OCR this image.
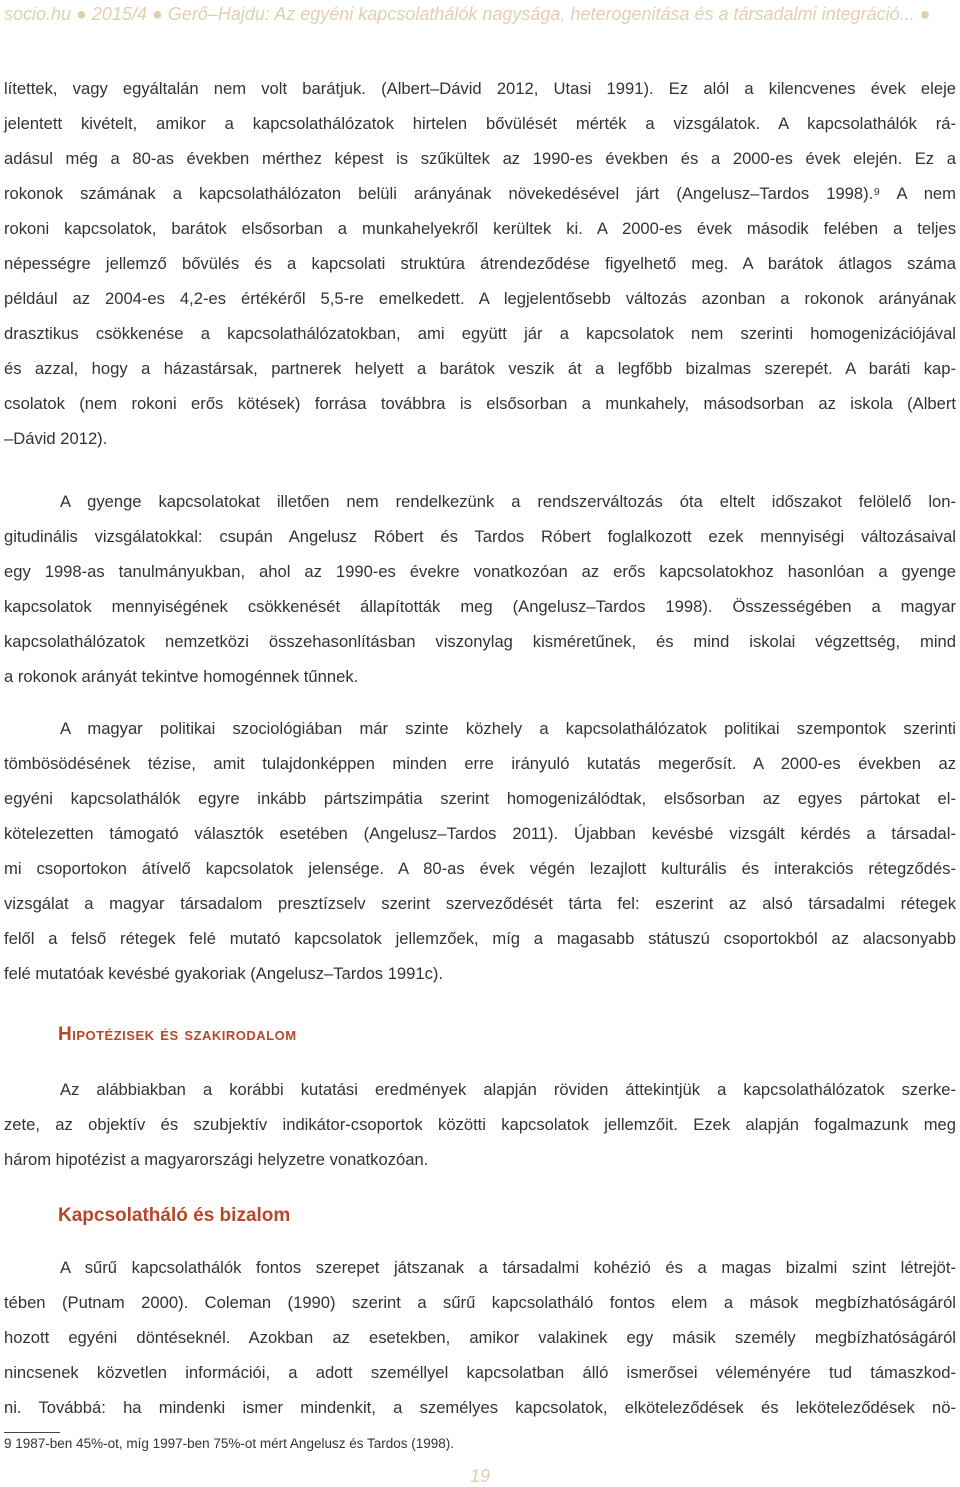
socio.hu ● 2015/4 ● Gerő–Hajdu: Az egyéni kapcsolathálók nagysága, heterogenitása és a társadalmi integráció... ●
lítettek, vagy egyáltalán nem volt barátjuk. (Albert–Dávid 2012, Utasi 1991). Ez alól a kilencvenes évek eleje
jelentett kivételt, amikor a kapcsolathálózatok hirtelen bővülését mérték a vizsgálatok. A kapcsolathálók rá-
adásul még a 80-as években mérthez képest is szűkültek az 1990-es években és a 2000-es évek elején. Ez a
rokonok számának a kapcsolathálózaton belüli arányának növekedésével járt (Angelusz–Tardos 1998).⁹ A nem
rokoni kapcsolatok, barátok elsősorban a munkahelyekről kerültek ki. A 2000-es évek második felében a teljes
népességre jellemző bővülés és a kapcsolati struktúra átrendeződése figyelhető meg. A barátok átlagos száma
például az 2004-es 4,2-es értékéről 5,5-re emelkedett. A legjelentősebb változás azonban a rokonok arányának
drasztikus csökkenése a kapcsolathálózatokban, ami együtt jár a kapcsolatok nem szerinti homogenizációjával
és azzal, hogy a házastársak, partnerek helyett a barátok veszik át a legfőbb bizalmas szerepét. A baráti kap-
csolatok (nem rokoni erős kötések) forrása továbbra is elsősorban a munkahely, másodsorban az iskola (Albert
–Dávid 2012).
A gyenge kapcsolatokat illetően nem rendelkezünk a rendszerváltozás óta eltelt időszakot felölelő lon-
gitudinális vizsgálatokkal: csupán Angelusz Róbert és Tardos Róbert foglalkozott ezek mennyiségi változásaival
egy 1998-as tanulmányukban, ahol az 1990-es évekre vonatkozóan az erős kapcsolatokhoz hasonlóan a gyenge
kapcsolatok mennyiségének csökkenését állapították meg (Angelusz–Tardos 1998). Összességében a magyar
kapcsolathálózatok nemzetközi összehasonlításban viszonylag kisméretűnek, és mind iskolai végzettség, mind
a rokonok arányát tekintve homogénnek tűnnek.
A magyar politikai szociológiában már szinte közhely a kapcsolathálózatok politikai szempontok szerinti
tömbösödésének tézise, amit tulajdonképpen minden erre irányuló kutatás megerősít. A 2000-es években az
egyéni kapcsolathálók egyre inkább pártszimpátia szerint homogenizálódtak, elsősorban az egyes pártokat el-
kötelezetten támogató választók esetében (Angelusz–Tardos 2011). Újabban kevésbé vizsgált kérdés a társadal-
mi csoportokon átívelő kapcsolatok jelensége. A 80-as évek végén lezajlott kulturális és interakciós rétegződés-
vizsgálat a magyar társadalom presztízselv szerint szerveződését tárta fel: eszerint az alsó társadalmi rétegek
felől a felső rétegek felé mutató kapcsolatok jellemzőek, míg a magasabb státuszú csoportokból az alacsonyabb
felé mutatóak kevésbé gyakoriak (Angelusz–Tardos 1991c).
Hipotézisek és szakirodalom
Az alábbiakban a korábbi kutatási eredmények alapján röviden áttekintjük a kapcsolathálózatok szerke-
zete, az objektív és szubjektív indikátor-csoportok közötti kapcsolatok jellemzőit. Ezek alapján fogalmazunk meg
három hipotézist a magyarországi helyzetre vonatkozóan.
Kapcsolatháló és bizalom
A sűrű kapcsolathálók fontos szerepet játszanak a társadalmi kohézió és a magas bizalmi szint létrejöt-
tében (Putnam 2000). Coleman (1990) szerint a sűrű kapcsolatháló fontos elem a mások megbízhatóságáról
hozott egyéni döntéseknél. Azokban az esetekben, amikor valakinek egy másik személy megbízhatóságáról
nincsenek közvetlen információi, a adott személlyel kapcsolatban álló ismerősei véleményére tud támaszkod-
ni. Továbbá: ha mindenki ismer mindenkit, a személyes kapcsolatok, elköteleződések és leköteleződések nö-
9 1987-ben 45%-ot, míg 1997-ben 75%-ot mért Angelusz és Tardos (1998).
19
